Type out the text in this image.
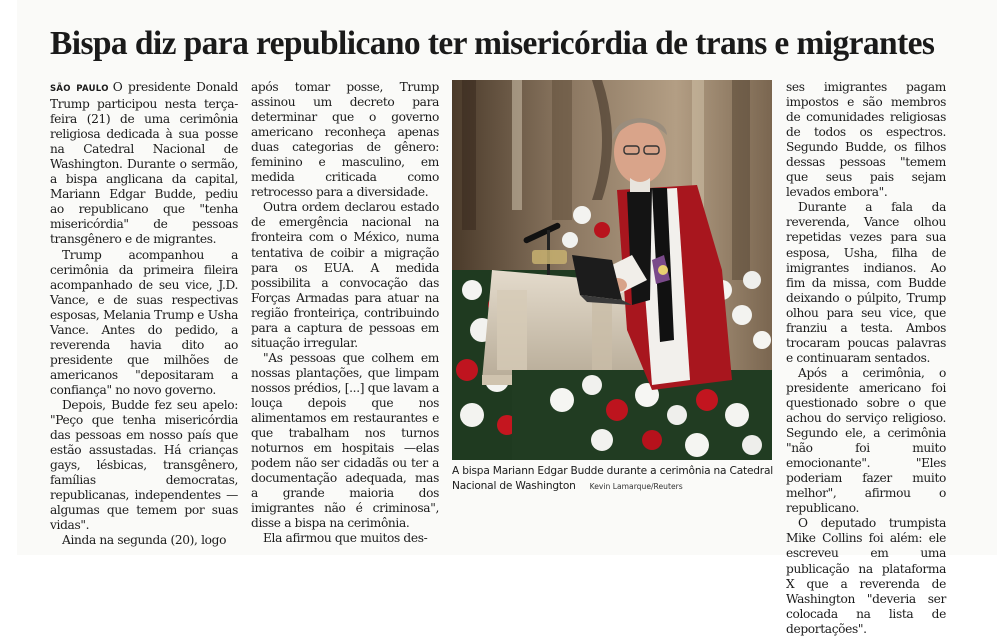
Bispa diz para republicano ter misericórdia de trans e migrantes

SÃO PAULO O presidente Donald Trump participou nesta terça-feira (21) de uma cerimônia religiosa dedicada à sua posse na Catedral Nacional de Washington. Durante o sermão, a bispa anglicana da capital, Mariann Edgar Budde, pediu ao republicano que "tenha misericórdia" de pessoas transgênero e de migrantes.

Trump acompanhou a cerimônia da primeira fileira acompanhado de seu vice, J.D. Vance, e de suas respectivas esposas, Melania Trump e Usha Vance. Antes do pedido, a reverenda havia dito ao presidente que milhões de americanos "depositaram a confiança" no novo governo.

Depois, Budde fez seu apelo: "Peço que tenha misericórdia das pessoas em nosso país que estão assustadas. Há crianças gays, lésbicas, transgênero, famílias democratas, republicanas, independentes — algumas que temem por suas vidas".

Ainda na segunda (20), logo

após tomar posse, Trump assinou um decreto para determinar que o governo americano reconheça apenas duas categorias de gênero: feminino e masculino, em medida criticada como retrocesso para a diversidade.

Outra ordem declarou estado de emergência nacional na fronteira com o México, numa tentativa de coibir a migração para os EUA. A medida possibilita a convocação das Forças Armadas para atuar na região fronteiriça, contribuindo para a captura de pessoas em situação irregular.

"As pessoas que colhem em nossas plantações, que limpam nossos prédios, [...] que lavam a louça depois que nos alimentamos em restaurantes e que trabalham nos turnos noturnos em hospitais —elas podem não ser cidadãs ou ter a documentação adequada, mas a grande maioria dos imigrantes não é criminosa", disse a bispa na cerimônia.

Ela afirmou que muitos des-

A bispa Mariann Edgar Budde durante a cerimônia na Catedral Nacional de Washington Kevin Lamarque/Reuters

ses imigrantes pagam impostos e são membros de comunidades religiosas de todos os espectros. Segundo Budde, os filhos dessas pessoas "temem que seus pais sejam levados embora".

Durante a fala da reverenda, Vance olhou repetidas vezes para sua esposa, Usha, filha de imigrantes indianos. Ao fim da missa, com Budde deixando o púlpito, Trump olhou para seu vice, que franziu a testa. Ambos trocaram poucas palavras e continuaram sentados.

Após a cerimônia, o presidente americano foi questionado sobre o que achou do serviço religioso. Segundo ele, a cerimônia "não foi muito emocionante". "Eles poderiam fazer muito melhor", afirmou o republicano.

O deputado trumpista Mike Collins foi além: ele escreveu em uma publicação na plataforma X que a reverenda de Washington "deveria ser colocada na lista de deportações".
